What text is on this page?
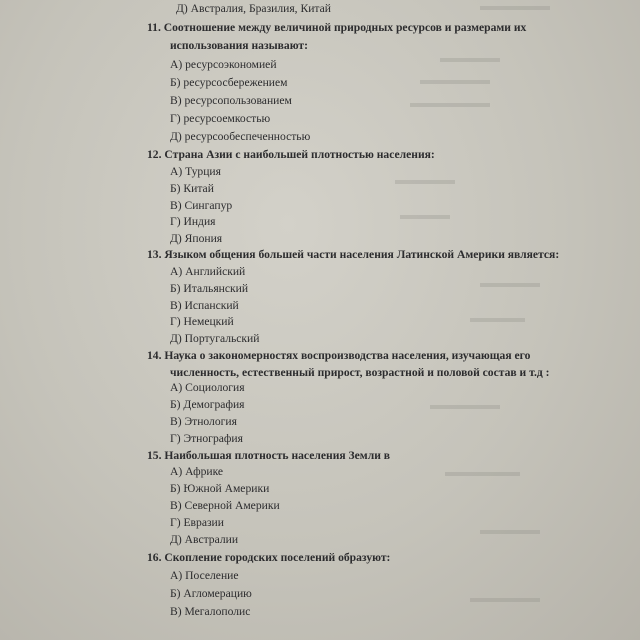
Д) Австралия, Бразилия, Китай
11. Соотношение между величиной природных ресурсов и размерами их
использования называют:
А) ресурсоэкономией
Б) ресурсосбережением
В) ресурсопользованием
Г) ресурсоемкостью
Д) ресурсообеспеченностью
12. Страна Азии с наибольшей плотностью населения:
А) Турция
Б) Китай
В) Сингапур
Г) Индия
Д) Япония
13. Языком общения большей части населения Латинской Америки является:
А) Английский
Б) Итальянский
В) Испанский
Г) Немецкий
Д) Португальский
14. Наука о закономерностях воспроизводства населения, изучающая его
численность, естественный прирост, возрастной и половой состав и т.д :
А) Социология
Б) Демография
В) Этнология
Г) Этнография
15. Наибольшая плотность населения Земли в
А) Африке
Б) Южной Америки
В) Северной Америки
Г) Евразии
Д) Австралии
16. Скопление городских поселений образуют:
А) Поселение
Б) Агломерацию
В) Мегалополис
